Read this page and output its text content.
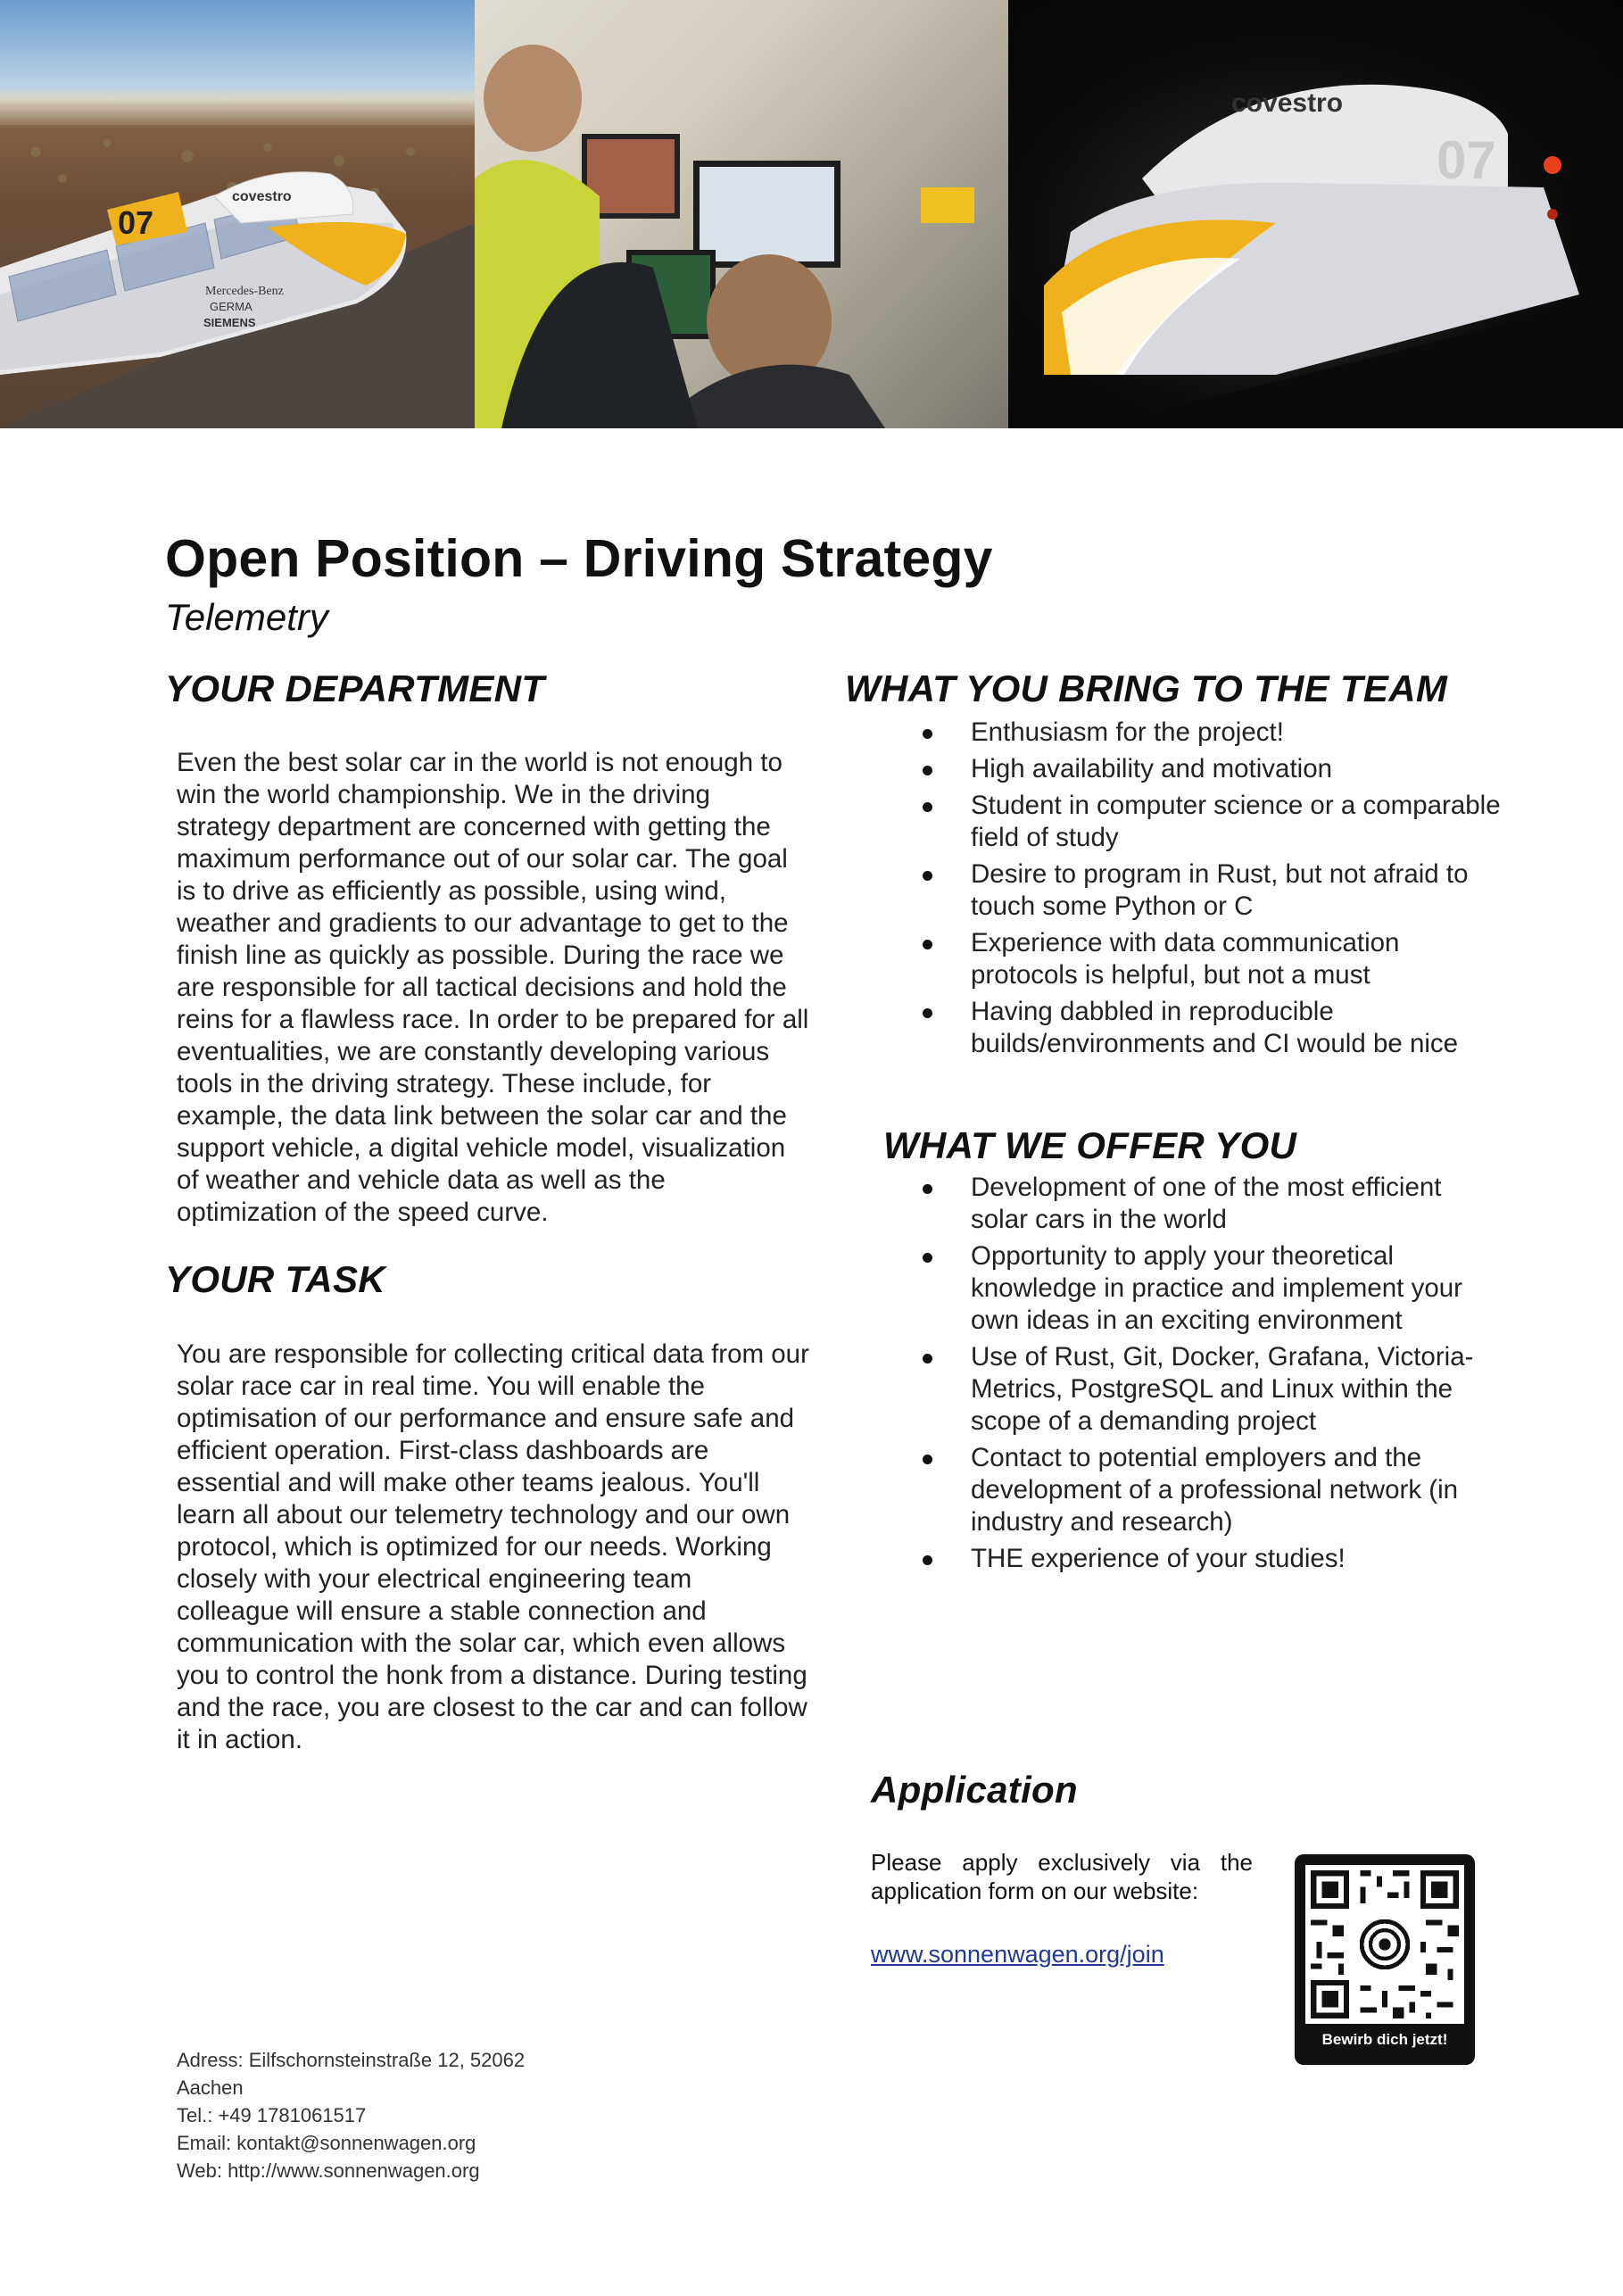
07
covestro
Mercedes-Benz
GERMA
SIEMENS
covestro
07
Open Position – Driving Strategy
Telemetry
YOUR DEPARTMENT
Even the best solar car in the world is not enough to win the world championship. We in the driving strategy department are concerned with getting the maximum performance out of our solar car. The goal is to drive as efficiently as possible, using wind, weather and gradients to our advantage to get to the finish line as quickly as possible. During the race we are responsible for all tactical decisions and hold the reins for a flawless race. In order to be prepared for all eventualities, we are constantly developing various tools in the driving strategy. These include, for example, the data link between the solar car and the support vehicle, a digital vehicle model, visualization of weather and vehicle data as well as the optimization of the speed curve.
YOUR TASK
You are responsible for collecting critical data from our solar race car in real time. You will enable the optimisation of our performance and ensure safe and efficient operation. First-class dashboards are essential and will make other teams jealous. You'll learn all about our telemetry technology and our own protocol, which is optimized for our needs. Working closely with your electrical engineering team colleague will ensure a stable connection and communication with the solar car, which even allows you to control the honk from a distance. During testing and the race, you are closest to the car and can follow it in action.
WHAT YOU BRING TO THE TEAM
Enthusiasm for the project!
High availability and motivation
Student in computer science or a comparable field of study
Desire to program in Rust, but not afraid to touch some Python or C
Experience with data communication protocols is helpful, but not a must
Having dabbled in reproducible builds/environments and CI would be nice
WHAT WE OFFER YOU
Development of one of the most efficient solar cars in the world
Opportunity to apply your theoretical knowledge in practice and implement your own ideas in an exciting environment
Use of Rust, Git, Docker, Grafana, Victoria-Metrics, PostgreSQL and Linux within the scope of a demanding project
Contact to potential employers and the development of a professional network (in industry and research)
THE experience of your studies!
Application
Please apply exclusively via the application form on our website:
www.sonnenwagen.org/join
Bewirb dich jetzt!
Adress: Eilfschornsteinstraße 12, 52062 Aachen
Tel.: +49 1781061517
Email: kontakt@sonnenwagen.org
Web: http://www.sonnenwagen.org
